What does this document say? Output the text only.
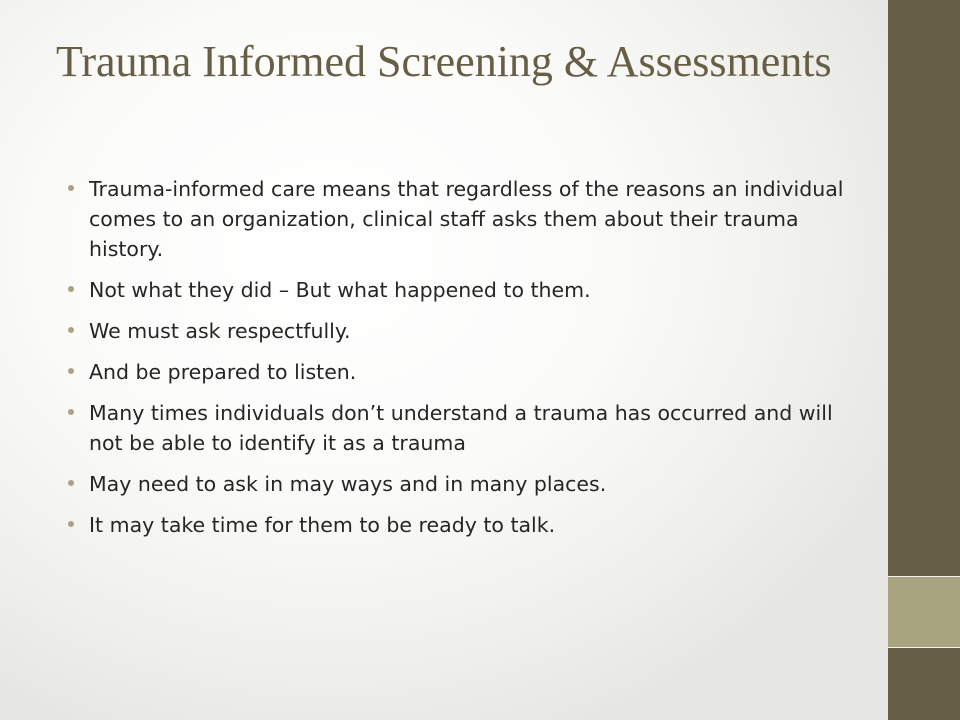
Trauma Informed Screening & Assessments
Trauma-informed care means that regardless of the reasons an individual comes to an organization, clinical staff asks them about their trauma history.
Not what they did – But what happened to them.
We must ask respectfully.
And be prepared to listen.
Many times individuals don’t understand a trauma has occurred and will not be able to identify it as a trauma
May need to ask in may ways and in many places.
It may take time for them to be ready to talk.
